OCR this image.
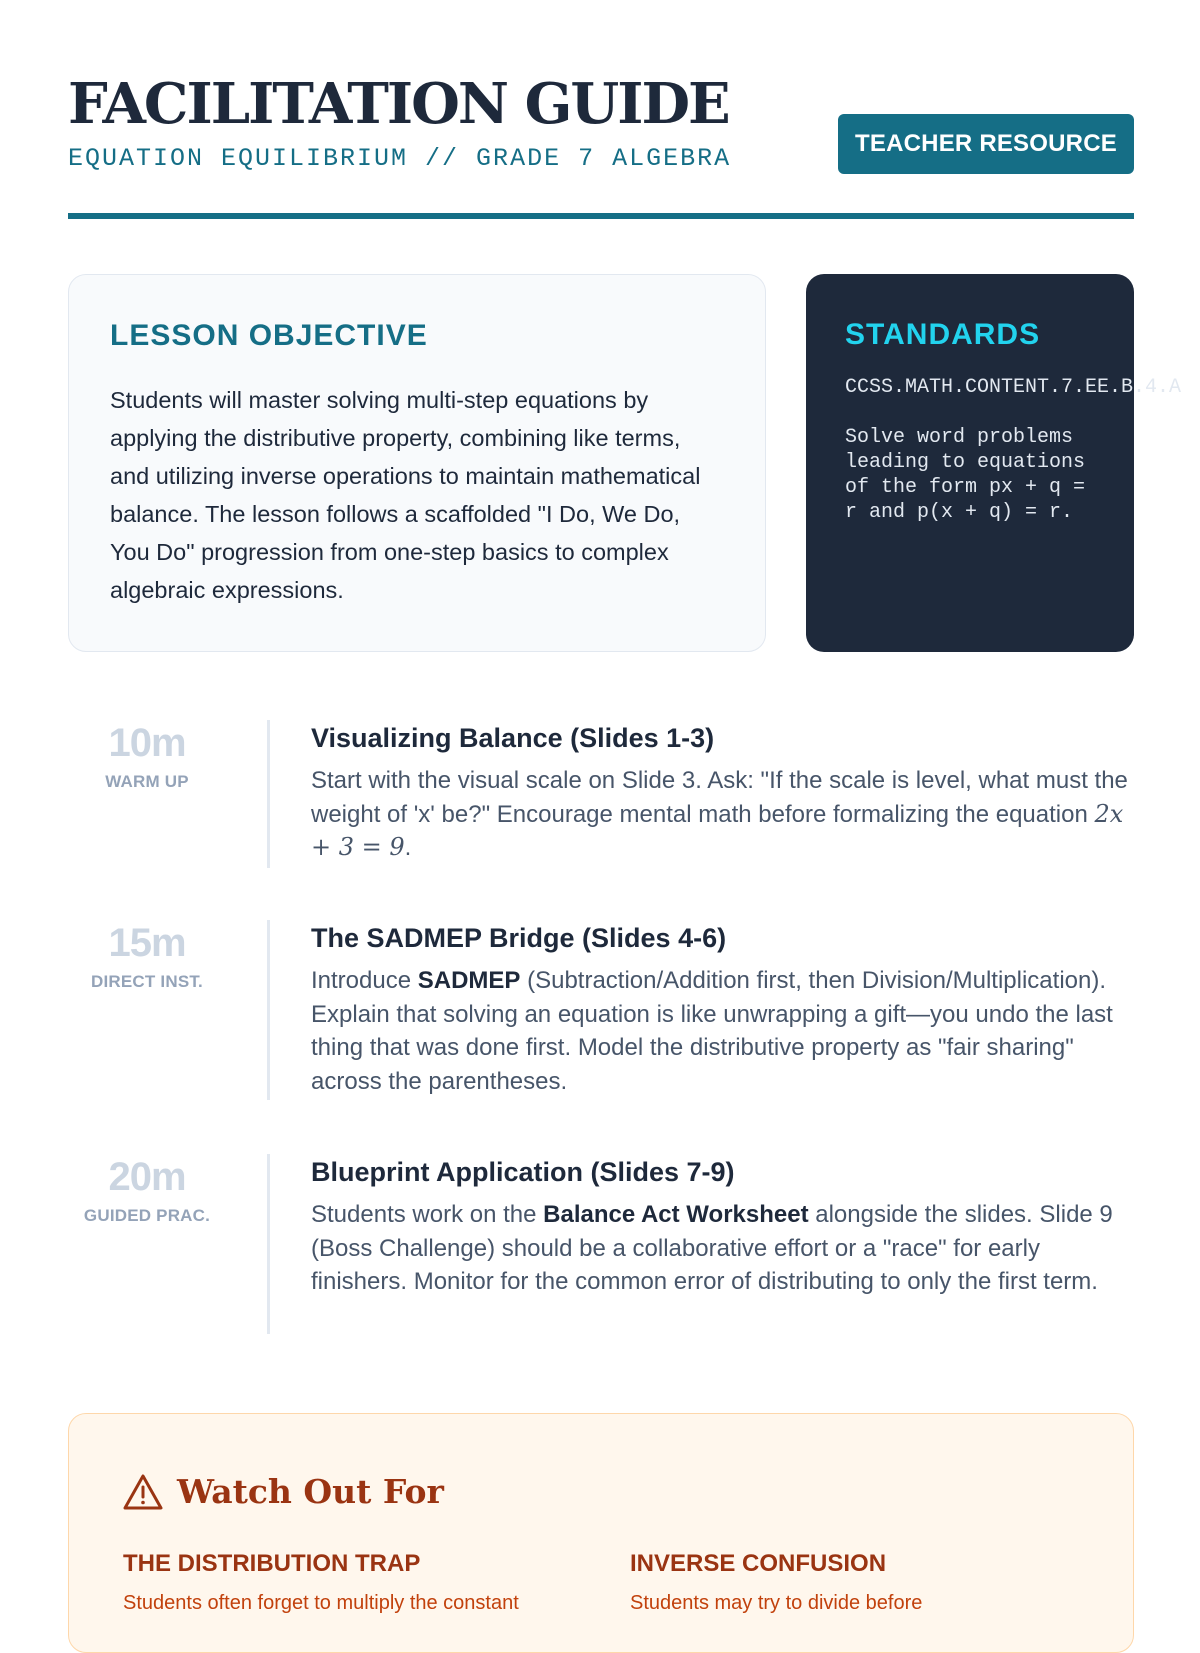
FACILITATION GUIDE
EQUATION EQUILIBRIUM // GRADE 7 ALGEBRA
TEACHER RESOURCE
LESSON OBJECTIVE

Students will master solving multi-step equations by applying the distributive property, combining like terms, and utilizing inverse operations to maintain mathematical balance. The lesson follows a scaffolded "I Do, We Do, You Do" progression from one-step basics to complex algebraic expressions.

STANDARDS
CCSS.MATH.CONTENT.7.EE.B.4.A
Solve word problems leading to equations of the form px + q = r and p(x + q) = r.
10m
WARM UP
Visualizing Balance (Slides 1-3)

Start with the visual scale on Slide 3. Ask: "If the scale is level, what must the weight of 'x' be?" Encourage mental math before formalizing the equation 2x + 3 = 9.

15m
DIRECT INST.
The SADMEP Bridge (Slides 4-6)

Introduce SADMEP (Subtraction/Addition first, then Division/Multiplication). Explain that solving an equation is like unwrapping a gift—you undo the last thing that was done first. Model the distributive property as "fair sharing" across the parentheses.

20m
GUIDED PRAC.
Blueprint Application (Slides 7-9)

Students work on the Balance Act Worksheet alongside the slides. Slide 9 (Boss Challenge) should be a collaborative effort or a "race" for early finishers. Monitor for the common error of distributing to only the first term.

Watch Out For
THE DISTRIBUTION TRAP
Students often forget to multiply the constant
INVERSE CONFUSION
Students may try to divide before
